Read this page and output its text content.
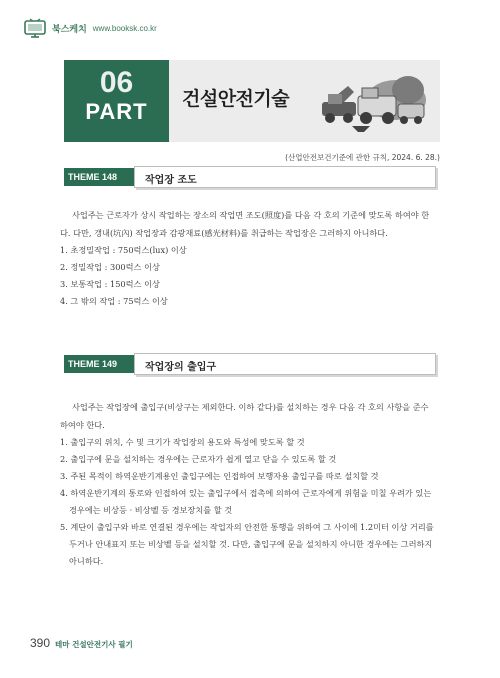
북스케치 www.booksk.co.kr
06
PART	건설안전기술
(산업안전보건기준에 관한 규칙, 2024. 6. 28.)
작업장 조도
THEME 148

사업주는 근로자가 상시 작업하는 장소의 작업면 조도(照度)를 다음 각 호의 기준에 맞도록 하여야 한다. 다만, 갱내(坑內) 작업장과 감광재료(感光材料)를 취급하는 작업장은 그러하지 아니하다.

1. 초정밀작업 : 750럭스(lux) 이상
2. 정밀작업 : 300럭스 이상
3. 보통작업 : 150럭스 이상
4. 그 밖의 작업 : 75럭스 이상
작업장의 출입구
THEME 149

사업주는 작업장에 출입구(비상구는 제외한다. 이하 같다)를 설치하는 경우 다음 각 호의 사항을 준수하여야 한다.

1. 출입구의 위치, 수 및 크기가 작업장의 용도와 특성에 맞도록 할 것
2. 출입구에 문을 설치하는 경우에는 근로자가 쉽게 열고 닫을 수 있도록 할 것
3. 주된 목적이 하역운반기계용인 출입구에는 인접하여 보행자용 출입구를 따로 설치할 것
4. 하역운반기계의 통로와 인접하여 있는 출입구에서 접촉에 의하여 근로자에게 위험을 미칠 우려가 있는 경우에는 비상등 · 비상벨 등 경보장치를 할 것
5. 계단이 출입구와 바로 연결된 경우에는 작업자의 안전한 통행을 위하여 그 사이에 1.2미터 이상 거리를 두거나 안내표지 또는 비상벨 등을 설치할 것. 다만, 출입구에 문을 설치하지 아니한 경우에는 그러하지 아니하다.
390 테마 건설안전기사 필기
